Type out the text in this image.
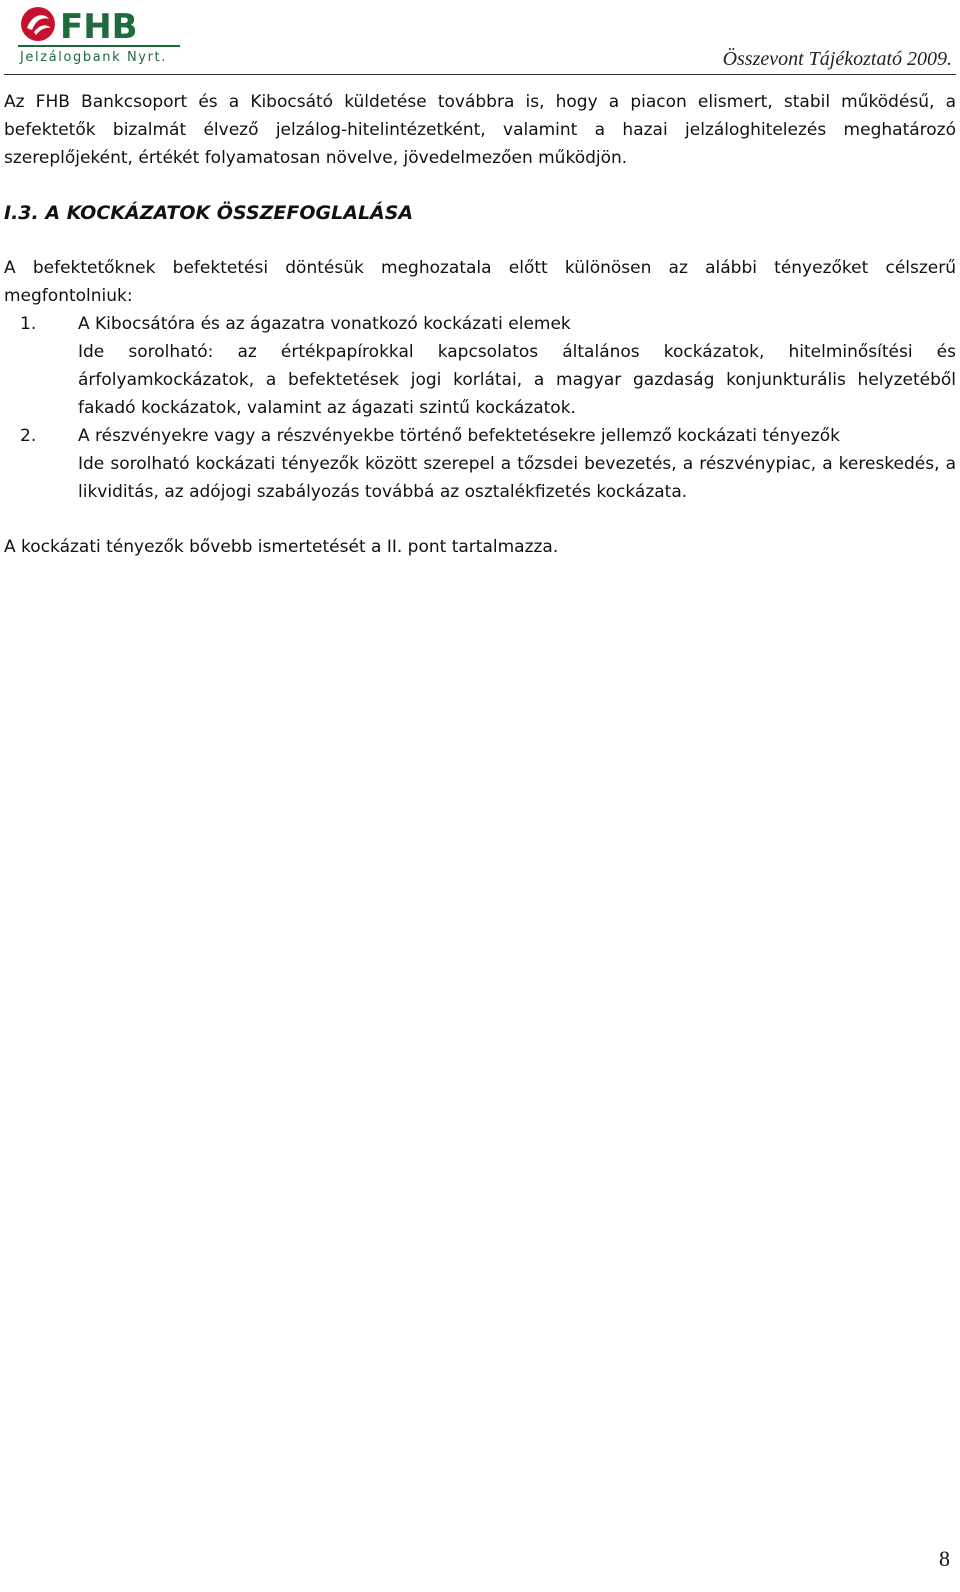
FHB
Jelzálogbank Nyrt.	Összevont Tájékoztató 2009.

Az FHB Bankcsoport és a Kibocsátó küldetése továbbra is, hogy a piacon elismert, stabil működésű, a befektetők bizalmát élvező jelzálog-hitelintézetként, valamint a hazai jelzáloghitelezés meghatározó szereplőjeként, értékét folyamatosan növelve, jövedelmezően működjön.

I.3. A KOCKÁZATOK ÖSSZEFOGLALÁSA

A befektetőknek befektetési döntésük meghozatala előtt különösen az alábbi tényezőket célszerű megfontolniuk:

1.	A Kibocsátóra és az ágazatra vonatkozó kockázati elemek

Ide sorolható: az értékpapírokkal kapcsolatos általános kockázatok, hitelminősítési és árfolyamkockázatok, a befektetések jogi korlátai, a magyar gazdaság konjunkturális helyzetéből fakadó kockázatok, valamint az ágazati szintű kockázatok.

2.	A részvényekre vagy a részvényekbe történő befektetésekre jellemző kockázati tényezők

Ide sorolható kockázati tényezők között szerepel a tőzsdei bevezetés, a részvénypiac, a kereskedés, a likviditás, az adójogi szabályozás továbbá az osztalékfizetés kockázata.

A kockázati tényezők bővebb ismertetését a II. pont tartalmazza.

8
